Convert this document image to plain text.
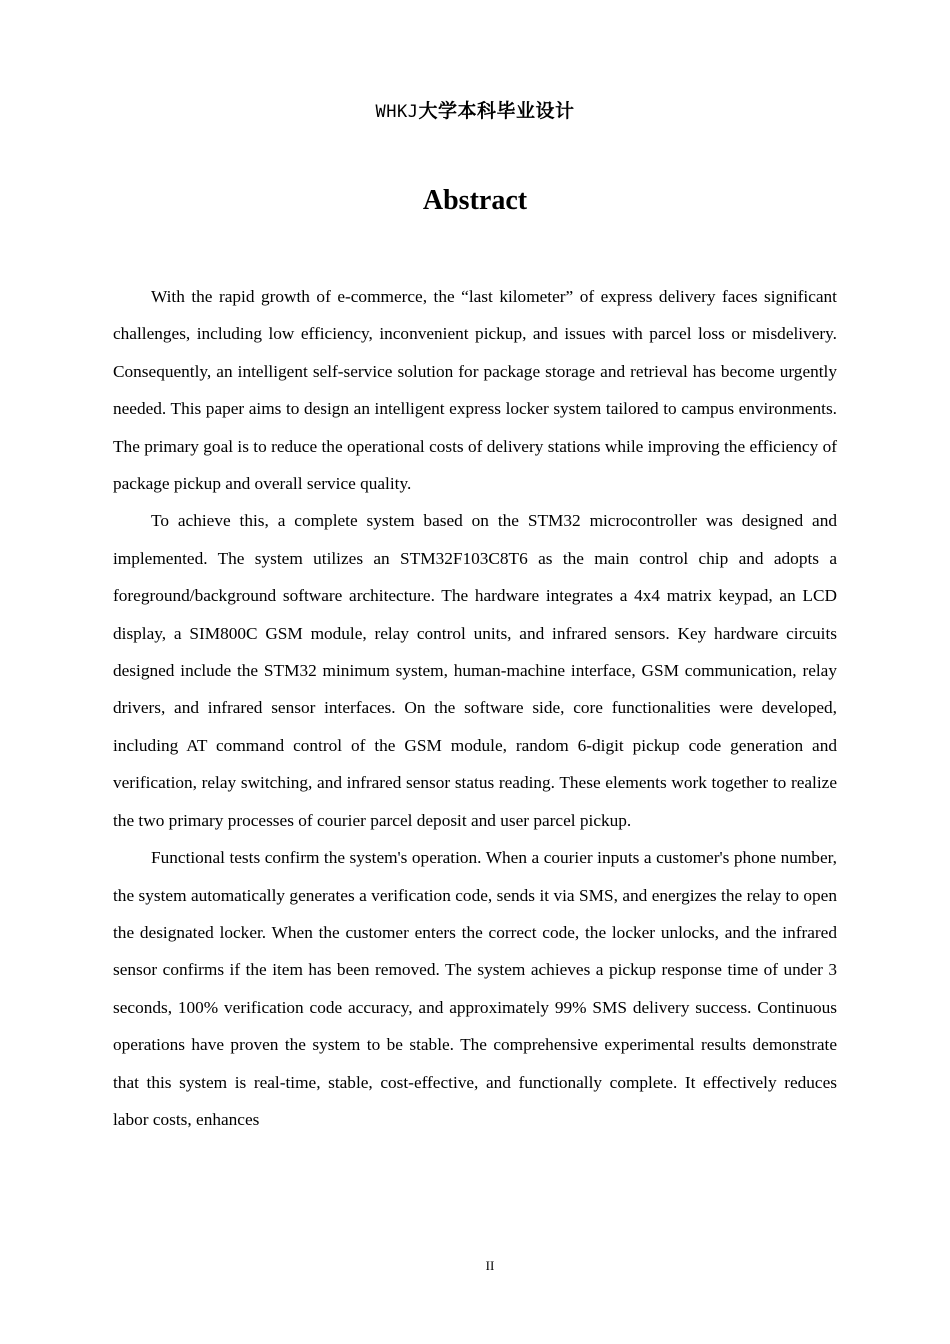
WHKJ大学本科毕业设计
Abstract

With the rapid growth of e-commerce, the “last kilometer” of express delivery faces significant challenges, including low efficiency, inconvenient pickup, and issues with parcel loss or misdelivery. Consequently, an intelligent self-service solution for package storage and retrieval has become urgently needed. This paper aims to design an intelligent express locker system tailored to campus environments. The primary goal is to reduce the operational costs of delivery stations while improving the efficiency of package pickup and overall service quality.

To achieve this, a complete system based on the STM32 microcontroller was designed and implemented. The system utilizes an STM32F103C8T6 as the main control chip and adopts a foreground/background software architecture. The hardware integrates a 4x4 matrix keypad, an LCD display, a SIM800C GSM module, relay control units, and infrared sensors. Key hardware circuits designed include the STM32 minimum system, human-machine interface, GSM communication, relay drivers, and infrared sensor interfaces. On the software side, core functionalities were developed, including AT command control of the GSM module, random 6-digit pickup code generation and verification, relay switching, and infrared sensor status reading. These elements work together to realize the two primary processes of courier parcel deposit and user parcel pickup.

Functional tests confirm the system's operation. When a courier inputs a customer's phone number, the system automatically generates a verification code, sends it via SMS, and energizes the relay to open the designated locker. When the customer enters the correct code, the locker unlocks, and the infrared sensor confirms if the item has been removed. The system achieves a pickup response time of under 3 seconds, 100% verification code accuracy, and approximately 99% SMS delivery success. Continuous operations have proven the system to be stable. The comprehensive experimental results demonstrate that this system is real-time, stable, cost-effective, and functionally complete. It effectively reduces labor costs, enhances

II
